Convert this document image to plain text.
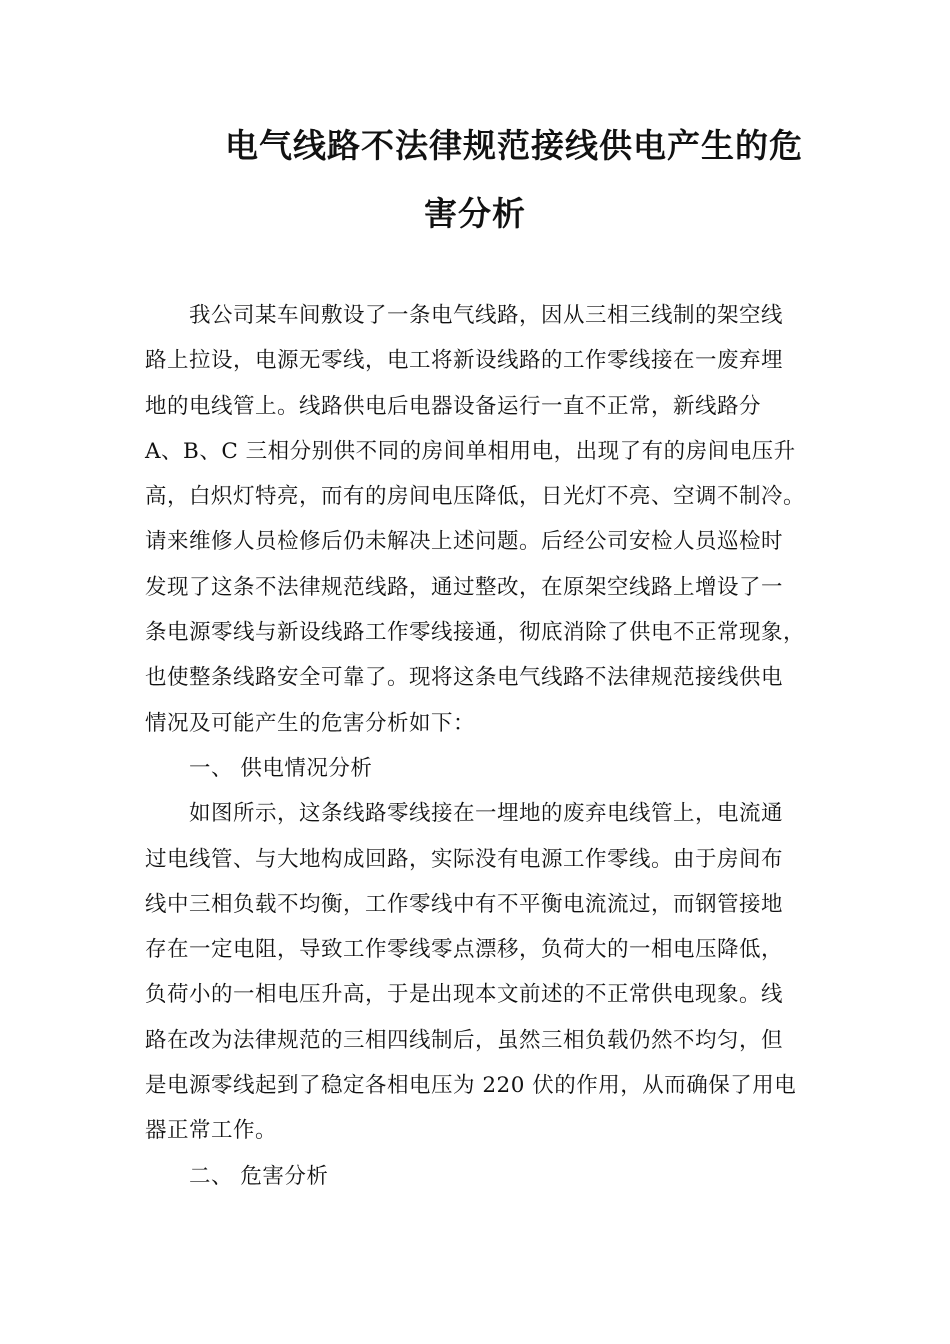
电气线路不法律规范接线供电产生的危
害分析
我公司某车间敷设了一条电气线路，因从三相三线制的架空线
路上拉设，电源无零线，电工将新设线路的工作零线接在一废弃埋
地的电线管上。线路供电后电器设备运行一直不正常，新线路分
A、B、C 三相分别供不同的房间单相用电，出现了有的房间电压升
高，白炽灯特亮，而有的房间电压降低，日光灯不亮、空调不制冷。
请来维修人员检修后仍未解决上述问题。后经公司安检人员巡检时
发现了这条不法律规范线路，通过整改，在原架空线路上增设了一
条电源零线与新设线路工作零线接通，彻底消除了供电不正常现象，
也使整条线路安全可靠了。现将这条电气线路不法律规范接线供电
情况及可能产生的危害分析如下：
一、 供电情况分析
如图所示，这条线路零线接在一埋地的废弃电线管上，电流通
过电线管、与大地构成回路，实际没有电源工作零线。由于房间布
线中三相负载不均衡，工作零线中有不平衡电流流过，而钢管接地
存在一定电阻，导致工作零线零点漂移，负荷大的一相电压降低，
负荷小的一相电压升高，于是出现本文前述的不正常供电现象。线
路在改为法律规范的三相四线制后，虽然三相负载仍然不均匀，但
是电源零线起到了稳定各相电压为 220 伏的作用，从而确保了用电
器正常工作。
二、 危害分析
